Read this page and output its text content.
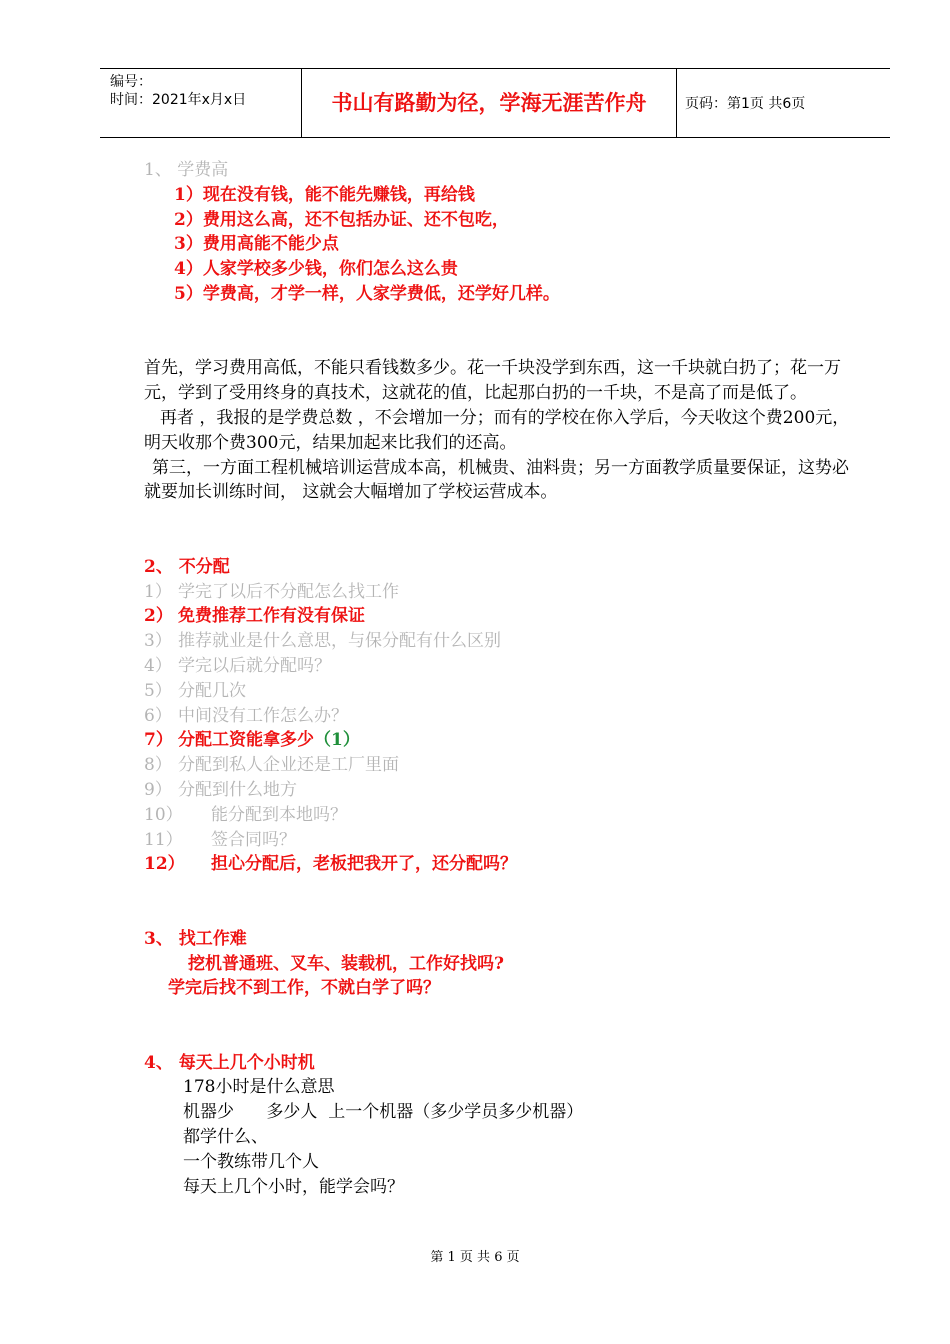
编号：
时间：2021年x月x日	书山有路勤为径，学海无涯苦作舟	页码：第1页 共6页
1、 学费高
1）现在没有钱，能不能先赚钱，再给钱
2）费用这么高，还不包括办证、还不包吃，
3）费用高能不能少点
4）人家学校多少钱，你们怎么这么贵
5）学费高，才学一样，人家学费低，还学好几样。
首先，学习费用高低，不能只看钱数多少。花一千块没学到东西，这一千块就白扔了；花一万元，学到了受用终身的真技术，这就花的值，比起那白扔的一千块，不是高了而是低了。
再者 ，我报的是学费总数 ，不会增加一分；而有的学校在你入学后，今天收这个费200元，明天收那个费300元，结果加起来比我们的还高。
第三，一方面工程机械培训运营成本高，机械贵、油料贵；另一方面教学质量要保证，这势必就要加长训练时间， 这就会大幅增加了学校运营成本。
2、 不分配
1） 学完了以后不分配怎么找工作
2） 免费推荐工作有没有保证
3） 推荐就业是什么意思，与保分配有什么区别
4） 学完以后就分配吗？
5） 分配几次
6） 中间没有工作怎么办？
7） 分配工资能拿多少（1）
8） 分配到私人企业还是工厂里面
9） 分配到什么地方
10） 能分配到本地吗？
11） 签合同吗？
12） 担心分配后，老板把我开了，还分配吗？
3、 找工作难
挖机普通班、叉车、装载机，工作好找吗?
学完后找不到工作，不就白学了吗？
4、 每天上几个小时机
178小时是什么意思
机器少      多少人  上一个机器（多少学员多少机器）
都学什么、
一个教练带几个人
每天上几个小时，能学会吗？
第 1 页 共 6 页
